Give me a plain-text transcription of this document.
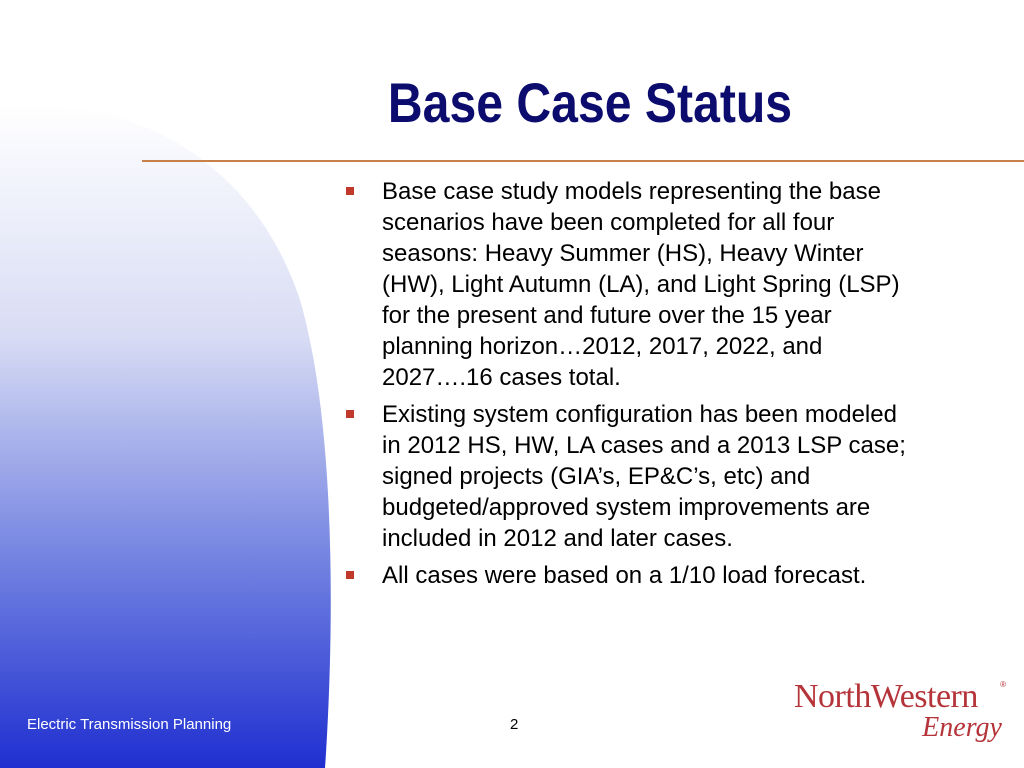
Base Case Status
Base case study models representing the base scenarios have been completed for all four seasons: Heavy Summer (HS), Heavy Winter (HW), Light Autumn (LA), and Light Spring (LSP) for the present and future over the 15 year planning horizon…2012, 2017, 2022, and 2027….16 cases total.
Existing system configuration has been modeled in 2012 HS, HW, LA cases and a 2013 LSP case; signed projects (GIA’s, EP&C’s, etc) and budgeted/approved system improvements are included in 2012 and later cases.
All cases were based on a 1/10 load forecast.
Electric Transmission Planning	2
NorthWestern	®
Energy
